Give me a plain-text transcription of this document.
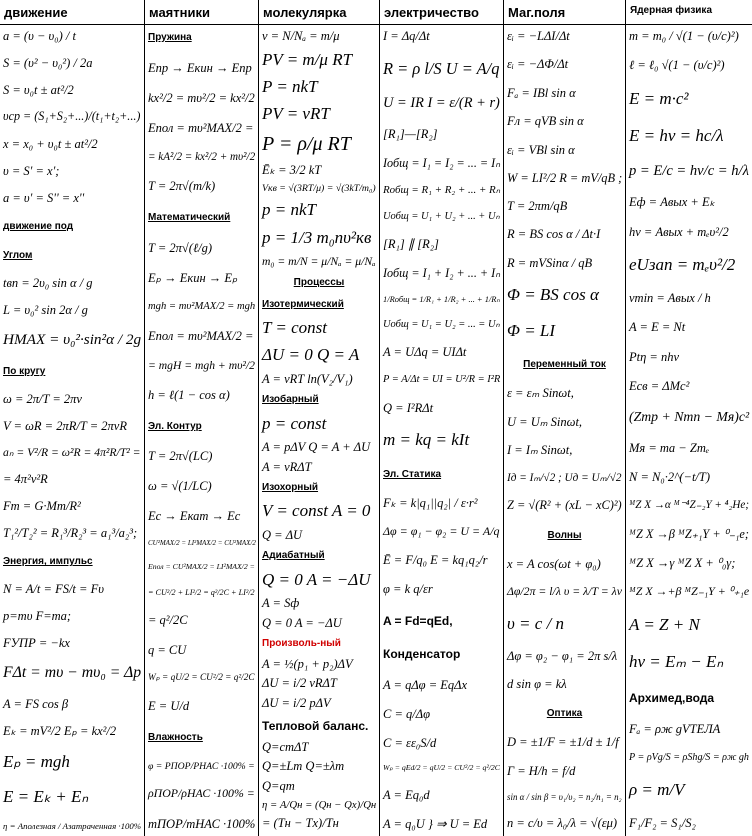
движение
a = (υ − υ₀) / t
S = (υ² − υ₀²) / 2a
S = υ₀t ± at²/2
υcp = (S₁+S₂+...)/(t₁+t₂+...)
x = x₀ + υ₀t ± at²/2
υ = S' = x';
a = υ' = S'' = x''
движение под
Углом
tвп = 2υ₀ sin α / g
L = υ₀² sin 2α / g
HMAX = υ₀²·sin²α / 2g
По кругу
ω = 2π/T = 2πν
V = ωR = 2πR/T = 2πνR
aₙ = V²/R = ω²R = 4π²R/T² =
= 4π²ν²R
Fт = G·Mm/R²
T₁²/T₂² = R₁³/R₂³ = a₁³/a₂³;
Энергия, импульс
N = A/t = FS/t = Fυ
p=mυ F=ma;
FУПР = −kx
FΔt = mυ − mυ₀ = Δp
A = FS cos β
Eₖ = mV²/2 Eₚ = kx²/2
Eₚ = mgh
E = Eₖ + Eₙ
η = Aполезная / Aзатраченная ·100%
маятники
Пружина
Eпр → Eкин → Eпр
kx²/2 = mυ²/2 = kx²/2
Eпол = mυ²MAX/2 =
= kA²/2 = kx²/2 + mυ²/2
T = 2π√(m/k)
Математический
T = 2π√(ℓ/g)
Eₚ → Eкин → Eₚ
mgh = mυ²MAX/2 = mgh
Eпол = mυ²MAX/2 =
= mgH = mgh + mυ²/2
h = ℓ(1 − cos α)
Эл. Контур
T = 2π√(LC)
ω = √(1/LC)
Eс → Eкат → Eс
CU²MAX/2 = LI²MAX/2 = CU²MAX/2
Eпол = CU²MAX/2 = LI²MAX/2 =
= CU²/2 + LI²/2 = q²/2C + LI²/2
= q²/2C
q = CU
Wₚ = qU/2 = CU²/2 = q²/2C
E = U/d
Влажность
φ = PПОР/PНАС ·100% =
ρПОР/ρНАС ·100% =
mПОР/mНАС ·100%
молекулярка
ν = N/Nₐ = m/μ
PV = m/μ RT
P = nkT
PV = νRT
P = ρ/μ RT
Ēₖ = 3/2 kT
Vкв = √(3RT/μ) = √(3kT/m₀)
p = nkT
p = 1/3 m₀nυ²кв
m₀ = m/N = μ/Nₐ = μ/Nₐ
Процессы
Изотермический
T = const
ΔU = 0 Q = A
A = νRT ln(V₂/V₁)
Изобарный
p = const
A = pΔV Q = A + ΔU
A = νRΔT
Изохорный
V = const A = 0
Q = ΔU
Адиабатный
Q = 0 A = −ΔU
A = Sф
Q = 0 A = −ΔU
Произволь-ный
A = ½(p₁ + p₂)ΔV
ΔU = i/2 νRΔT
ΔU = i/2 pΔV
Тепловой баланс.
Q=cmΔT
Q=±Lm Q=±λm
Q=qm
η = A/Qн = (Qн − Qх)/Qн
= (Tн − Tх)/Tн
электричество
I = Δq/Δt
R = ρ l/S U = A/q
U = IR I = ε/(R + r)
[R₁]—[R₂]
Iобщ = I₁ = I₂ = ... = Iₙ
Rобщ = R₁ + R₂ + ... + Rₙ
Uобщ = U₁ + U₂ + ... + Uₙ
[R₁] ∥ [R₂]
Iобщ = I₁ + I₂ + ... + Iₙ
1/Rобщ = 1/R₁ + 1/R₂ + ... + 1/Rₙ
Uобщ = U₁ = U₂ = ... = Uₙ
A = UΔq = UIΔt
P = A/Δt = UI = U²/R = I²R
Q = I²RΔt
m = kq = kIt
Эл. Статика
Fₖ = k|q₁||q₂| / ε·r²
Δφ = φ₁ − φ₂ = U = A/q
Ē = F/q₀ E = kq₁q₂/r
φ = k q/εr
A = Fd=qEd,
Конденсатор
A = qΔφ = EqΔx
C = q/Δφ
C = εε₀S/d
Wₚ = qEd/2 = qU/2 = CU²/2 = q²/2C
A = Eq₀d
A = q₀U } ⇒ U = Ed
Маг.поля
εᵢ = −LΔI/Δt
εᵢ = −ΔΦ/Δt
Fₐ = IBl sin α
Fл = qVB sin α
εᵢ = VBl sin α
W = LI²/2 R = mV/qB ;
T = 2πm/qB
R = BS cos α / Δt·I
R = mVSinα / qB
Φ = BS cos α
Φ = LI
Переменный ток
ε = εₘ Sinωt,
U = Uₘ Sinωt,
I = Iₘ Sinωt,
Iд = Iₘ/√2 ; Uд = Uₘ/√2
Z = √(R² + (xL − xC)²)
Волны
x = A cos(ωt + φ₀)
Δφ/2π = l/λ υ = λ/T = λν
υ = c / n
Δφ = φ₂ − φ₁ = 2π s/λ
d sin φ = kλ
Оптика
D = ±1/F = ±1/d ± 1/f
Γ = H/h = f/d
sin α / sin β = υ₁/υ₂ = n₂/n₁ = n₂
n = c/υ = λ₀/λ = √(εμ)
Ядерная физика
m = m₀ / √(1 − (υ/c)²)
ℓ = ℓ₀ √(1 − (υ/c)²)
E = m·c²
E = hν = hc/λ
p = E/c = hν/c = h/λ
Eф = Aвых + Eₖ
hν = Aвых + mₑυ²/2
eUзап = mₑυ²/2
νmin = Aвых / h
A = E = Nt
Ptη = nhν
Eсв = ΔMc²
(Zmp + Nmn − Mя)c²
Mя = mа − Zmₑ
N = N₀·2^(−t/T)
ᴹZ X →α ᴹ⁻⁴Z₋₂Y + ⁴₂He;
ᴹZ X →β ᴹZ₊₁Y + ⁰₋₁e;
ᴹZ X →γ ᴹZ X + ⁰₀γ;
ᴹZ X →+β ᴹZ₋₁Y + ⁰₊₁e
A = Z + N
hν = Eₘ − Eₙ
Архимед,вода
Fₐ = ρж gVТЕЛА
P = ρVg/S = ρShg/S = ρж gh
ρ = m/V
F₁/F₂ = S₁/S₂
